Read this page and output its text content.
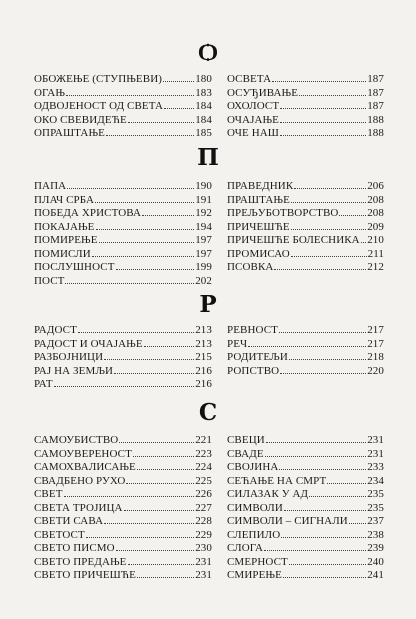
Ѻ
ОБОЖЕЊЕ (СТУПЊЕВИ)	180
ОГАЊ	183
ОДВОЈЕНОСТ ОД СВЕТА	184
ОКО СВЕВИДЕЋЕ	184
ОПРАШТАЊЕ	185
ОСВЕТА	187
ОСУЂИВАЊЕ	187
ОХОЛОСТ	187
ОЧАЈАЊЕ	188
ОЧЕ НАШ	188
П
ПАПА	190
ПЛАЧ СРБА	191
ПОБЕДА ХРИСТОВА	192
ПОКАЈАЊЕ	194
ПОМИРЕЊЕ	197
ПОМИСЛИ	197
ПОСЛУШНОСТ	199
ПОСТ	202
ПРАВЕДНИК	206
ПРАШТАЊЕ	208
ПРЕЉУБОТВОРСТВО	208
ПРИЧЕШЋЕ	209
ПРИЧЕШЋЕ БОЛЕСНИКА 210
ПРОМИСАО	211
ПСОВКА	212
Р
РАДОСТ	213
РАДОСТ И ОЧАЈАЊЕ	213
РАЗБОЈНИЦИ	215
РАЈ НА ЗЕМЉИ	216
РАТ	216
РЕВНОСТ	217
РЕЧ	217
РОДИТЕЉИ	218
РОПСТВО	220
С
САМОУБИСТВО	221
САМОУВЕРЕНОСТ	223
САМОХВАЛИСАЊЕ	224
СВАДБЕНО РУХО	225
СВЕТ	226
СВЕТА ТРОЈИЦА	227
СВЕТИ САВА	228
СВЕТОСТ	229
СВЕТО ПИСМО	230
СВЕТО ПРЕДАЊЕ	231
СВЕТО ПРИЧЕШЋЕ	231
СВЕЦИ	231
СВАДЕ	231
СВОЈИНА	233
СЕЋАЊЕ НА СМРТ	234
СИЛАЗАК У АД	235
СИМВОЛИ	235
СИМВОЛИ – СИГНАЛИ 237
СЛЕПИЛО	238
СЛОГА	239
СМЕРНОСТ	240
СМИРЕЊЕ	241
